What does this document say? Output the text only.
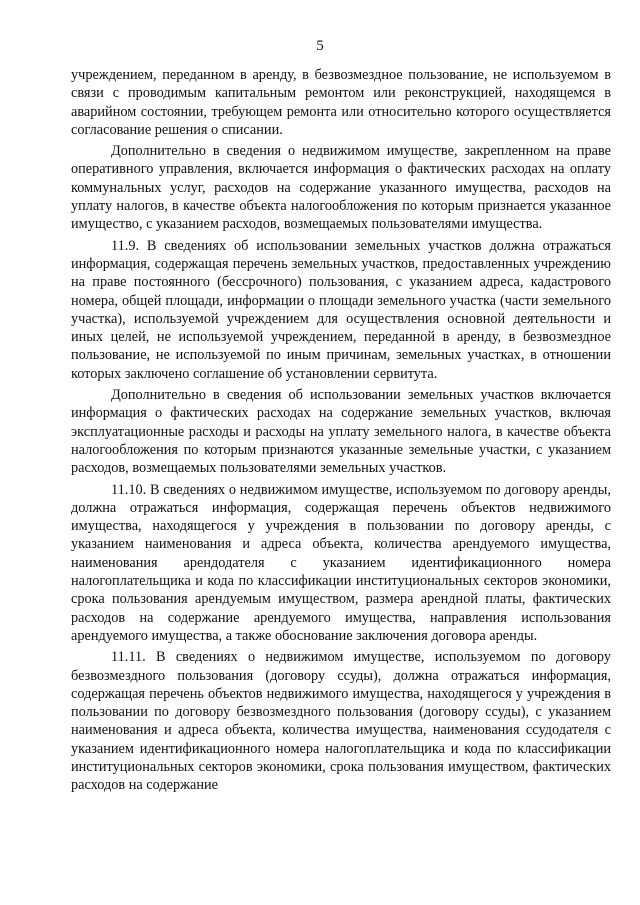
5

учреждением, переданном в аренду, в безвозмездное пользование, не используемом в связи с проводимым капитальным ремонтом или реконструкцией, находящемся в аварийном состоянии, требующем ремонта или относительно которого осуществляется согласование решения о списании.

Дополнительно в сведения о недвижимом имуществе, закрепленном на праве оперативного управления, включается информация о фактических расходах на оплату коммунальных услуг, расходов на содержание указанного имущества, расходов на уплату налогов, в качестве объекта налогообложения по которым признается указанное имущество, с указанием расходов, возмещаемых пользователями имущества.

11.9. В сведениях об использовании земельных участков должна отражаться информация, содержащая перечень земельных участков, предоставленных учреждению на праве постоянного (бессрочного) пользования, с указанием адреса, кадастрового номера, общей площади, информации о площади земельного участка (части земельного участка), используемой учреждением для осуществления основной деятельности и иных целей, не используемой учреждением, переданной в аренду, в безвозмездное пользование, не используемой по иным причинам, земельных участках, в отношении которых заключено соглашение об установлении сервитута.

Дополнительно в сведения об использовании земельных участков включается информация о фактических расходах на содержание земельных участков, включая эксплуатационные расходы и расходы на уплату земельного налога, в качестве объекта налогообложения по которым признаются указанные земельные участки, с указанием расходов, возмещаемых пользователями земельных участков.

11.10. В сведениях о недвижимом имуществе, используемом по договору аренды, должна отражаться информация, содержащая перечень объектов недвижимого имущества, находящегося у учреждения в пользовании по договору аренды, с указанием наименования и адреса объекта, количества арендуемого имущества, наименования арендодателя с указанием идентификационного номера налогоплательщика и кода по классификации институциональных секторов экономики, срока пользования арендуемым имуществом, размера арендной платы, фактических расходов на содержание арендуемого имущества, направления использования арендуемого имущества, а также обоснование заключения договора аренды.

11.11. В сведениях о недвижимом имуществе, используемом по договору безвозмездного пользования (договору ссуды), должна отражаться информация, содержащая перечень объектов недвижимого имущества, находящегося у учреждения в пользовании по договору безвозмездного пользования (договору ссуды), с указанием наименования и адреса объекта, количества имущества, наименования ссудодателя с указанием идентификационного номера налогоплательщика и кода по классификации институциональных секторов экономики, срока пользования имуществом, фактических расходов на содержание
